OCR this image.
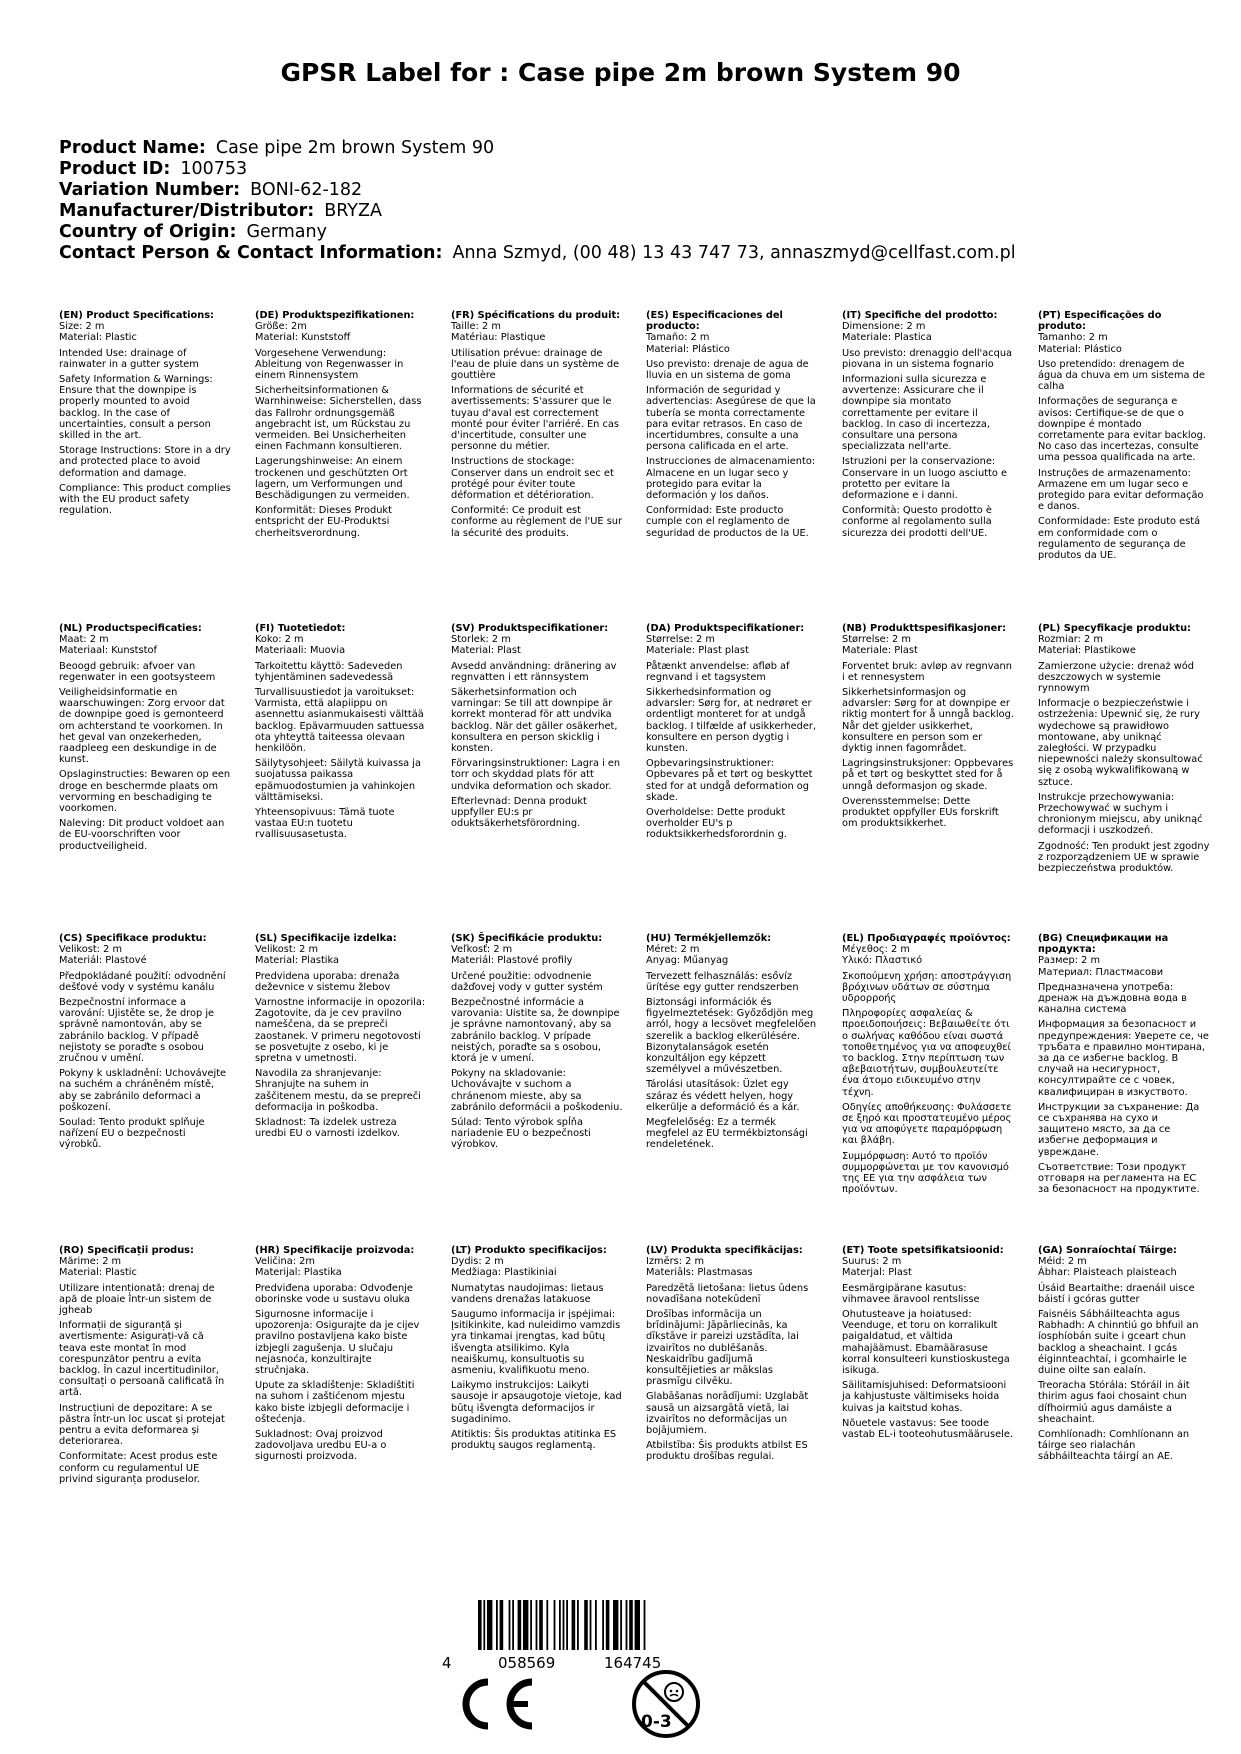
GPSR Label for : Case pipe 2m brown System 90
Product Name: Case pipe 2m brown System 90
Product ID: 100753
Variation Number: BONI-62-182
Manufacturer/Distributor: BRYZA
Country of Origin: Germany
Contact Person & Contact Information: Anna Szmyd, (00 48) 13 43 747 73, annaszmyd@cellfast.com.pl

(EN) Product Specifications:

Size: 2 m

Material: Plastic

Intended Use: drainage of rainwater in a gutter system

Safety Information & Warnings: Ensure that the downpipe is properly mounted to avoid backlog. In the case of uncertainties, consult a person skilled in the art.

Storage Instructions: Store in a dry and protected place to avoid deformation and damage.

Compliance: This product complies with the EU product safety regulation.

(DE) Produktspezifikationen:

Größe: 2m

Material: Kunststoff

Vorgesehene Verwendung: Ableitung von Regenwasser in einem Rinnensystem

Sicherheitsinformationen & Warnhinweise: Sicherstellen, dass das Fallrohr ordnungsgemäß angebracht ist, um Rückstau zu vermeiden. Bei Unsicherheiten einen Fachmann konsultieren.

Lagerungshinweise: An einem trockenen und geschützten Ort lagern, um Verformungen und Beschädigungen zu vermeiden.

Konformität: Dieses Produkt entspricht der EU-Produktsi cherheitsverordnung.

(FR) Spécifications du produit:

Taille: 2 m

Matériau: Plastique

Utilisation prévue: drainage de l'eau de pluie dans un système de gouttière

Informations de sécurité et avertissements: S'assurer que le tuyau d'aval est correctement monté pour éviter l'arriéré. En cas d'incertitude, consulter une personne du métier.

Instructions de stockage: Conserver dans un endroit sec et protégé pour éviter toute déformation et détérioration.

Conformité: Ce produit est conforme au règlement de l'UE sur la sécurité des produits.

(ES) Especificaciones del producto:

Tamaño: 2 m

Material: Plástico

Uso previsto: drenaje de agua de lluvia en un sistema de goma

Información de seguridad y advertencias: Asegúrese de que la tubería se monta correctamente para evitar retrasos. En caso de incertidumbres, consulte a una persona calificada en el arte.

Instrucciones de almacenamiento: Almacene en un lugar seco y protegido para evitar la deformación y los daños.

Conformidad: Este producto cumple con el reglamento de seguridad de productos de la UE.

(IT) Specifiche del prodotto:

Dimensione: 2 m

Materiale: Plastica

Uso previsto: drenaggio dell'acqua piovana in un sistema fognario

Informazioni sulla sicurezza e avvertenze: Assicurare che il downpipe sia montato correttamente per evitare il backlog. In caso di incertezza, consultare una persona specializzata nell'arte.

Istruzioni per la conservazione: Conservare in un luogo asciutto e protetto per evitare la deformazione e i danni.

Conformità: Questo prodotto è conforme al regolamento sulla sicurezza dei prodotti dell'UE.

(PT) Especificações do produto:

Tamanho: 2 m

Material: Plástico

Uso pretendido: drenagem de água da chuva em um sistema de calha

Informações de segurança e avisos: Certifique-se de que o downpipe é montado corretamente para evitar backlog. No caso das incertezas, consulte uma pessoa qualificada na arte.

Instruções de armazenamento: Armazene em um lugar seco e protegido para evitar deformação e danos.

Conformidade: Este produto está em conformidade com o regulamento de segurança de produtos da UE.

(NL) Productspecificaties:

Maat: 2 m

Materiaal: Kunststof

Beoogd gebruik: afvoer van regenwater in een gootsysteem

Veiligheidsinformatie en waarschuwingen: Zorg ervoor dat de downpipe goed is gemonteerd om achterstand te voorkomen. In het geval van onzekerheden, raadpleeg een deskundige in de kunst.

Opslaginstructies: Bewaren op een droge en beschermde plaats om vervorming en beschadiging te voorkomen.

Naleving: Dit product voldoet aan de EU-voorschriften voor productveiligheid.

(FI) Tuotetiedot:

Koko: 2 m

Materiaali: Muovia

Tarkoitettu käyttö: Sadeveden tyhjentäminen sadevedessä

Turvallisuustiedot ja varoitukset: Varmista, että alapiippu on asennettu asianmukaisesti välttää backlog. Epävarmuuden sattuessa ota yhteyttä taiteessa olevaan henkilöön.

Säilytysohjeet: Säilytä kuivassa ja suojatussa paikassa epämuodostumien ja vahinkojen välttämiseksi.

Yhteensopivuus: Tämä tuote vastaa EU:n tuotetu rvallisuusasetusta.

(SV) Produktspecifikationer:

Storlek: 2 m

Material: Plast

Avsedd användning: dränering av regnvatten i ett rännsystem

Säkerhetsinformation och varningar: Se till att downpipe är korrekt monterad för att undvika backlog. När det gäller osäkerhet, konsultera en person skicklig i konsten.

Förvaringsinstruktioner: Lagra i en torr och skyddad plats för att undvika deformation och skador.

Efterlevnad: Denna produkt uppfyller EU:s pr oduktsäkerhetsförordning.

(DA) Produktspecifikationer:

Størrelse: 2 m

Materiale: Plast plast

Påtænkt anvendelse: afløb af regnvand i et tagsystem

Sikkerhedsinformation og advarsler: Sørg for, at nedrøret er ordentligt monteret for at undgå backlog. I tilfælde af usikkerheder, konsultere en person dygtig i kunsten.

Opbevaringsinstruktioner: Opbevares på et tørt og beskyttet sted for at undgå deformation og skade.

Overholdelse: Dette produkt overholder EU's p roduktsikkerhedsforordnin g.

(NB) Produkttspesifikasjoner:

Størrelse: 2 m

Materiale: Plast

Forventet bruk: avløp av regnvann i et rennesystem

Sikkerhetsinformasjon og advarsler: Sørg for at downpipe er riktig montert for å unngå backlog. Når det gjelder usikkerhet, konsultere en person som er dyktig innen fagområdet.

Lagringsinstruksjoner: Oppbevares på et tørt og beskyttet sted for å unngå deformasjon og skade.

Overensstemmelse: Dette produktet oppfyller EUs forskrift om produktsikkerhet.

(PL) Specyfikacje produktu:

Rozmiar: 2 m

Materiał: Plastikowe

Zamierzone użycie: drenaż wód deszczowych w systemie rynnowym

Informacje o bezpieczeństwie i ostrzeżenia: Upewnić się, że rury wydechowe są prawidłowo montowane, aby uniknąć zaległości. W przypadku niepewności należy skonsultować się z osobą wykwalifikowaną w sztuce.

Instrukcje przechowywania: Przechowywać w suchym i chronionym miejscu, aby uniknąć deformacji i uszkodzeń.

Zgodność: Ten produkt jest zgodny z rozporządzeniem UE w sprawie bezpieczeństwa produktów.

(CS) Specifikace produktu:

Velikost: 2 m

Materiál: Plastové

Předpokládané použití: odvodnění dešťové vody v systému kanálu

Bezpečnostní informace a varování: Ujistěte se, že drop je správně namontován, aby se zabránilo backlog. V případě nejistoty se poraďte s osobou zručnou v umění.

Pokyny k uskladnění: Uchovávejte na suchém a chráněném místě, aby se zabránilo deformaci a poškození.

Soulad: Tento produkt splňuje nařízení EU o bezpečnosti výrobků.

(SL) Specifikacije izdelka:

Velikost: 2 m

Material: Plastika

Predvidena uporaba: drenaža deževnice v sistemu žlebov

Varnostne informacije in opozorila: Zagotovite, da je cev pravilno nameščena, da se prepreči zaostanek. V primeru negotovosti se posvetujte z osebo, ki je spretna v umetnosti.

Navodila za shranjevanje: Shranjujte na suhem in zaščitenem mestu, da se prepreči deformacija in poškodba.

Skladnost: Ta izdelek ustreza uredbi EU o varnosti izdelkov.

(SK) Špecifikácie produktu:

Veľkosť: 2 m

Materiál: Plastové profily

Určené použitie: odvodnenie dažďovej vody v gutter systém

Bezpečnostné informácie a varovania: Uistite sa, že downpipe je správne namontovaný, aby sa zabránilo backlog. V prípade neistých, poraďte sa s osobou, ktorá je v umení.

Pokyny na skladovanie: Uchovávajte v suchom a chránenom mieste, aby sa zabránilo deformácii a poškodeniu.

Súlad: Tento výrobok spĺňa nariadenie EU o bezpečnosti výrobkov.

(HU) Termékjellemzők:

Méret: 2 m

Anyag: Műanyag

Tervezett felhasználás: esővíz ürítése egy gutter rendszerben

Biztonsági információk és figyelmeztetések: Győződjön meg arról, hogy a lecsövet megfelelően szerelik a backlog elkerülésére. Bizonytalanságok esetén konzultáljon egy képzett személyvel a művészetben.

Tárolási utasítások: Üzlet egy száraz és védett helyen, hogy elkerülje a deformáció és a kár.

Megfelelőség: Ez a termék megfelel az EU termékbiztonsági rendeletének.

(EL) Προδιαγραφές προϊόντος:

Μέγεθος: 2 m

Υλικό: Πλαστικό

Σκοπούμενη χρήση: αποστράγγιση βρόχινων υδάτων σε σύστημα υδρορροής

Πληροφορίες ασφαλείας & προειδοποιήσεις: Βεβαιωθείτε ότι ο σωλήνας καθόδου είναι σωστά τοποθετημένος για να αποφευχθεί το backlog. Στην περίπτωση των αβεβαιοτήτων, συμβουλευτείτε ένα άτομο ειδικευμένο στην τέχνη.

Οδηγίες αποθήκευσης: Φυλάσσετε σε ξηρό και προστατευμένο μέρος για να αποφύγετε παραμόρφωση και βλάβη.

Συμμόρφωση: Αυτό το προϊόν συμμορφώνεται με τον κανονισμό της ΕΕ για την ασφάλεια των προϊόντων.

(BG) Спецификации на продукта:

Размер: 2 m

Материал: Пластмасови

Предназначена употреба: дренаж на дъждовна вода в канална система

Информация за безопасност и предупреждения: Уверете се, че тръбата е правилно монтирана, за да се избегне backlog. В случай на несигурност, консултирайте се с човек, квалифициран в изкуството.

Инструкции за съхранение: Да се съхранява на сухо и защитено място, за да се избегне деформация и увреждане.

Съответствие: Този продукт отговаря на регламента на ЕС за безопасност на продуктите.

(RO) Specificații produs:

Mărime: 2 m

Material: Plastic

Utilizare intenționată: drenaj de apă de ploaie într-un sistem de jgheab

Informații de siguranță și avertismente: Asigurați-vă că teava este montat în mod corespunzător pentru a evita backlog. În cazul incertitudinilor, consultați o persoană calificată în artă.

Instrucțiuni de depozitare: A se păstra într-un loc uscat și protejat pentru a evita deformarea și deteriorarea.

Conformitate: Acest produs este conform cu regulamentul UE privind siguranța produselor.

(HR) Specifikacije proizvoda:

Veličina: 2m

Materijal: Plastika

Predviđena uporaba: Odvođenje oborinske vode u sustavu oluka

Sigurnosne informacije i upozorenja: Osigurajte da je cijev pravilno postavljena kako biste izbjegli zagušenja. U slučaju nejasnoća, konzultirajte stručnjaka.

Upute za skladištenje: Skladištiti na suhom i zaštićenom mjestu kako biste izbjegli deformacije i oštećenja.

Sukladnost: Ovaj proizvod zadovoljava uredbu EU-a o sigurnosti proizvoda.

(LT) Produkto specifikacijos:

Dydis: 2 m

Medžiaga: Plastikiniai

Numatytas naudojimas: lietaus vandens drenažas latakuose

Saugumo informacija ir įspėjimai: Įsitikinkite, kad nuleidimo vamzdis yra tinkamai įrengtas, kad būtų išvengta atsilikimo. Kyla neaiškumų, konsultuotis su asmeniu, kvalifikuotu meno.

Laikymo instrukcijos: Laikyti sausoje ir apsaugotoje vietoje, kad būtų išvengta deformacijos ir sugadinimo.

Atitiktis: Šis produktas atitinka ES produktų saugos reglamentą.

(LV) Produkta specifikācijas:

Izmērs: 2 m

Materiāls: Plastmasas

Paredzētā lietošana: lietus ūdens novadīšana notekūdenī

Drošības informācija un brīdinājumi: Jāpārliecinās, ka dīkstāve ir pareizi uzstādīta, lai izvairītos no dublēšanās. Neskaidrību gadījumā konsultējieties ar mākslas prasmīgu cilvēku.

Glabāšanas norādījumi: Uzglabāt sausā un aizsargātā vietā, lai izvairītos no deformācijas un bojājumiem.

Atbilstība: Šis produkts atbilst ES produktu drošības regulai.

(ET) Toote spetsifikatsioonid:

Suurus: 2 m

Materjal: Plast

Eesmärgipärane kasutus: vihmavee äravool rentslisse

Ohutusteave ja hoiatused: Veenduge, et toru on korralikult paigaldatud, et vältida mahajäämust. Ebamäärasuse korral konsulteeri kunstioskustega isikuga.

Säilitamisjuhised: Deformatsiooni ja kahjustuste vältimiseks hoida kuivas ja kaitstud kohas.

Nõuetele vastavus: See toode vastab EL-i tooteohutusmäärusele.

(GA) Sonraíochtaí Táirge:

Méid: 2 m

Ábhar: Plaisteach plaisteach

Úsáid Beartaithe: draenáil uisce báistí i gcóras gutter

Faisnéis Sábháilteachta agus Rabhadh: A chinntiú go bhfuil an íosphíobán suite i gceart chun backlog a sheachaint. I gcás éiginnteachtaí, i gcomhairle le duine oilte san ealaín.

Treoracha Stórála: Stóráil in áit thirim agus faoi chosaint chun dífhoirmiú agus damáiste a sheachaint.

Comhlíonadh: Comhlíonann an táirge seo rialachán sábháilteachta táirgí an AE.

4	058569	164745
0-3
